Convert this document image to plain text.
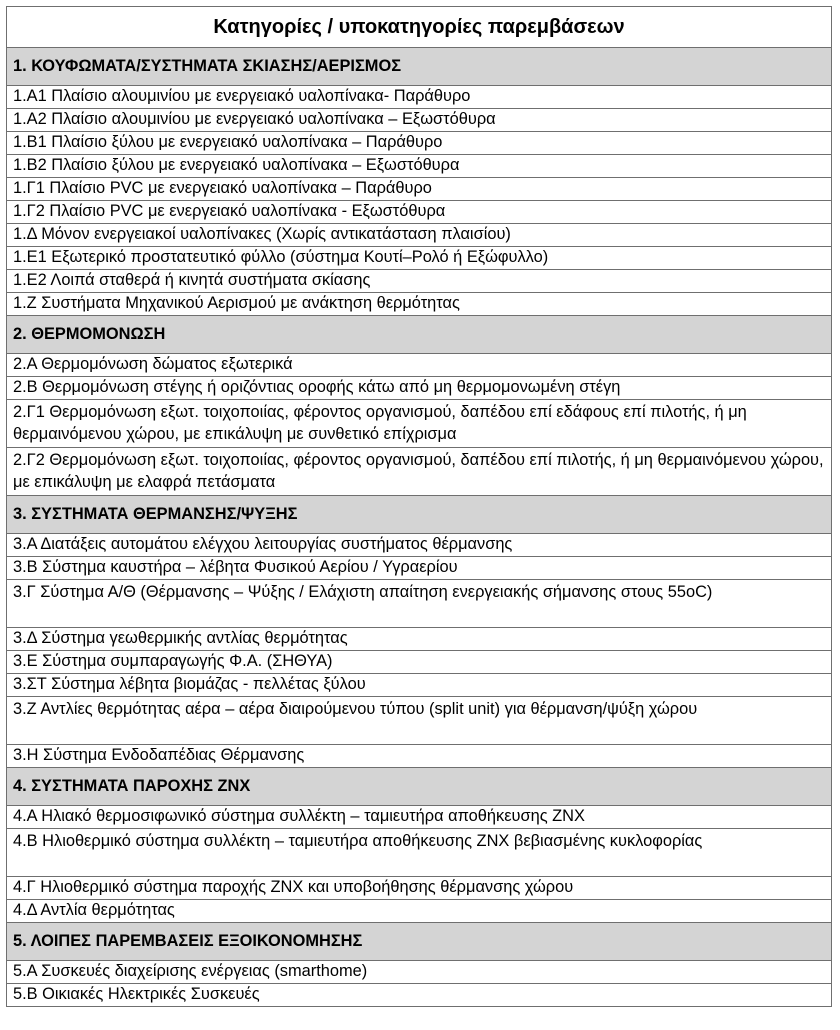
Κατηγορίες / υποκατηγορίες παρεμβάσεων
1. ΚΟΥΦΩΜΑΤΑ/ΣΥΣΤΗΜΑΤΑ ΣΚΙΑΣΗΣ/ΑΕΡΙΣΜΟΣ
1.Α1 Πλαίσιο αλουμινίου με ενεργειακό υαλοπίνακα- Παράθυρο
1.Α2 Πλαίσιο αλουμινίου με ενεργειακό υαλοπίνακα – Εξωστόθυρα
1.Β1 Πλαίσιο ξύλου με ενεργειακό υαλοπίνακα – Παράθυρο
1.Β2 Πλαίσιο ξύλου με ενεργειακό υαλοπίνακα – Εξωστόθυρα
1.Γ1 Πλαίσιο PVC με ενεργειακό υαλοπίνακα – Παράθυρο
1.Γ2 Πλαίσιο PVC με ενεργειακό υαλοπίνακα - Εξωστόθυρα
1.Δ Μόνον ενεργειακοί υαλοπίνακες (Χωρίς αντικατάσταση πλαισίου)
1.Ε1 Εξωτερικό προστατευτικό φύλλο (σύστημα Κουτί–Ρολό ή Εξώφυλλο)
1.Ε2 Λοιπά σταθερά ή κινητά συστήματα σκίασης
1.Ζ Συστήματα Μηχανικού Αερισμού με ανάκτηση θερμότητας
2. ΘΕΡΜΟΜΟΝΩΣΗ
2.Α Θερμομόνωση δώματος εξωτερικά
2.Β Θερμομόνωση στέγης ή οριζόντιας οροφής κάτω από μη θερμομονωμένη στέγη
2.Γ1 Θερμομόνωση εξωτ. τοιχοποιίας, φέροντος οργανισμού, δαπέδου επί εδάφους επί πιλοτής, ή μη θερμαινόμενου χώρου, με επικάλυψη με συνθετικό επίχρισμα
2.Γ2 Θερμομόνωση εξωτ. τοιχοποιίας, φέροντος οργανισμού, δαπέδου επί πιλοτής, ή μη θερμαινόμενου χώρου, με επικάλυψη με ελαφρά πετάσματα
3. ΣΥΣΤΗΜΑΤΑ ΘΕΡΜΑΝΣΗΣ/ΨΥΞΗΣ
3.Α Διατάξεις αυτομάτου ελέγχου λειτουργίας συστήματος θέρμανσης
3.Β Σύστημα καυστήρα – λέβητα Φυσικού Αερίου / Υγραερίου
3.Γ Σύστημα Α/Θ (Θέρμανσης – Ψύξης / Ελάχιστη απαίτηση ενεργειακής σήμανσης στους 55oC)
3.Δ Σύστημα γεωθερμικής αντλίας θερμότητας
3.Ε Σύστημα συμπαραγωγής Φ.Α. (ΣΗΘΥΑ)
3.ΣΤ Σύστημα λέβητα βιομάζας - πελλέτας ξύλου
3.Ζ Αντλίες θερμότητας αέρα – αέρα διαιρούμενου τύπου (split unit) για θέρμανση/ψύξη χώρου
3.Η Σύστημα Ενδοδαπέδιας Θέρμανσης
4. ΣΥΣΤΗΜΑΤΑ ΠΑΡΟΧΗΣ ΖΝΧ
4.Α Ηλιακό θερμοσιφωνικό σύστημα συλλέκτη – ταμιευτήρα αποθήκευσης ΖΝΧ
4.Β Ηλιοθερμικό σύστημα συλλέκτη – ταμιευτήρα αποθήκευσης ΖΝΧ βεβιασμένης κυκλοφορίας
4.Γ Ηλιοθερμικό σύστημα παροχής ΖΝΧ και υποβοήθησης θέρμανσης χώρου
4.Δ Αντλία θερμότητας
5. ΛΟΙΠΕΣ ΠΑΡΕΜΒΑΣΕΙΣ ΕΞΟΙΚΟΝΟΜΗΣΗΣ
5.Α Συσκευές διαχείρισης ενέργειας (smarthome)
5.Β Οικιακές Ηλεκτρικές Συσκευές
